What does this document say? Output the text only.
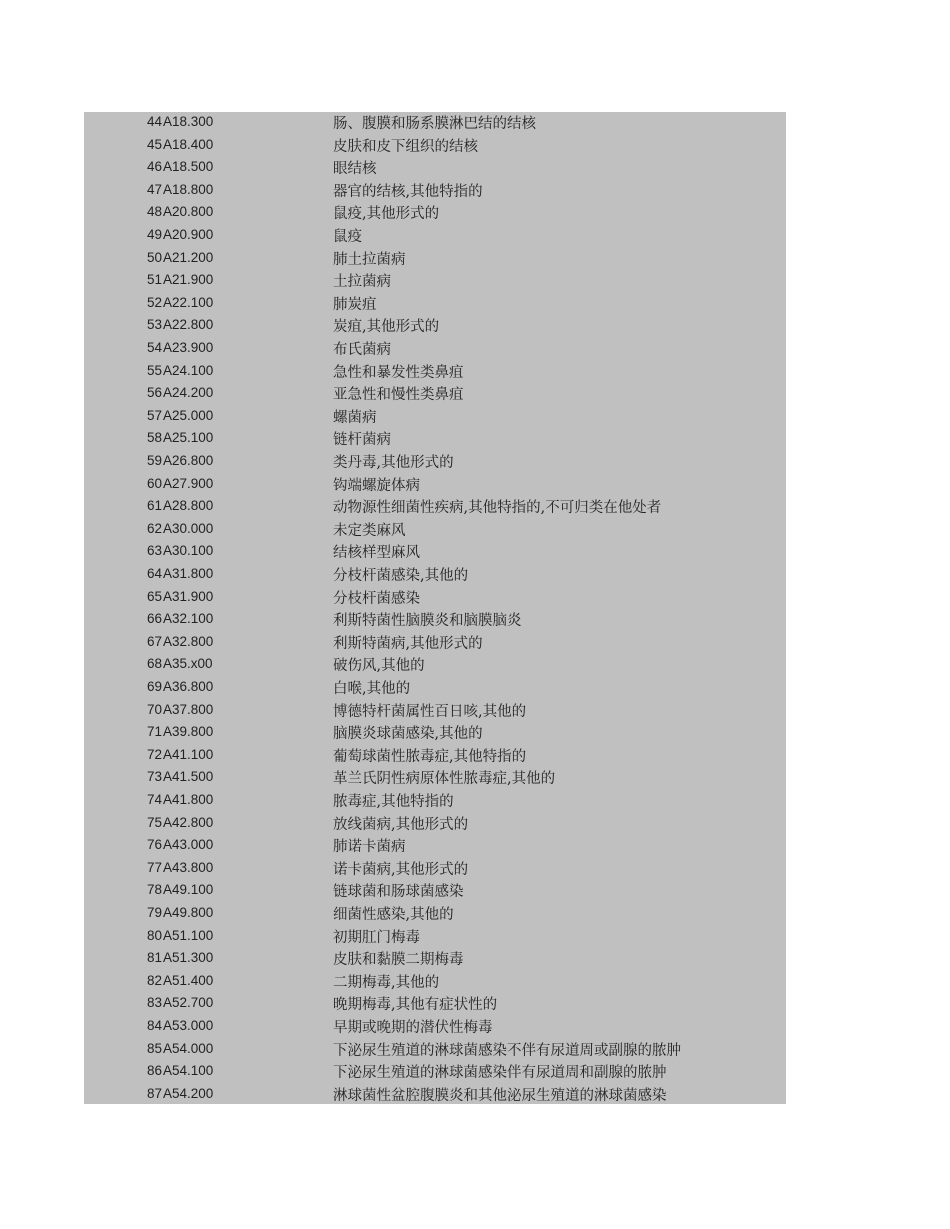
44 A18.300	肠、腹膜和肠系膜淋巴结的结核
45 A18.400	皮肤和皮下组织的结核
46 A18.500	眼结核
47 A18.800	器官的结核,其他特指的
48 A20.800	鼠疫,其他形式的
49 A20.900	鼠疫
50 A21.200	肺土拉菌病
51 A21.900	土拉菌病
52 A22.100	肺炭疽
53 A22.800	炭疽,其他形式的
54 A23.900	布氏菌病
55 A24.100	急性和暴发性类鼻疽
56 A24.200	亚急性和慢性类鼻疽
57 A25.000	螺菌病
58 A25.100	链杆菌病
59 A26.800	类丹毒,其他形式的
60 A27.900	钩端螺旋体病
61 A28.800	动物源性细菌性疾病,其他特指的,不可归类在他处者
62 A30.000	未定类麻风
63 A30.100	结核样型麻风
64 A31.800	分枝杆菌感染,其他的
65 A31.900	分枝杆菌感染
66 A32.100	利斯特菌性脑膜炎和脑膜脑炎
67 A32.800	利斯特菌病,其他形式的
68 A35.x00	破伤风,其他的
69 A36.800	白喉,其他的
70 A37.800	博德特杆菌属性百日咳,其他的
71 A39.800	脑膜炎球菌感染,其他的
72 A41.100	葡萄球菌性脓毒症,其他特指的
73 A41.500	革兰氏阴性病原体性脓毒症,其他的
74 A41.800	脓毒症,其他特指的
75 A42.800	放线菌病,其他形式的
76 A43.000	肺诺卡菌病
77 A43.800	诺卡菌病,其他形式的
78 A49.100	链球菌和肠球菌感染
79 A49.800	细菌性感染,其他的
80 A51.100	初期肛门梅毒
81 A51.300	皮肤和黏膜二期梅毒
82 A51.400	二期梅毒,其他的
83 A52.700	晚期梅毒,其他有症状性的
84 A53.000	早期或晚期的潜伏性梅毒
85 A54.000	下泌尿生殖道的淋球菌感染不伴有尿道周或副腺的脓肿
86 A54.100	下泌尿生殖道的淋球菌感染伴有尿道周和副腺的脓肿
87 A54.200	淋球菌性盆腔腹膜炎和其他泌尿生殖道的淋球菌感染
